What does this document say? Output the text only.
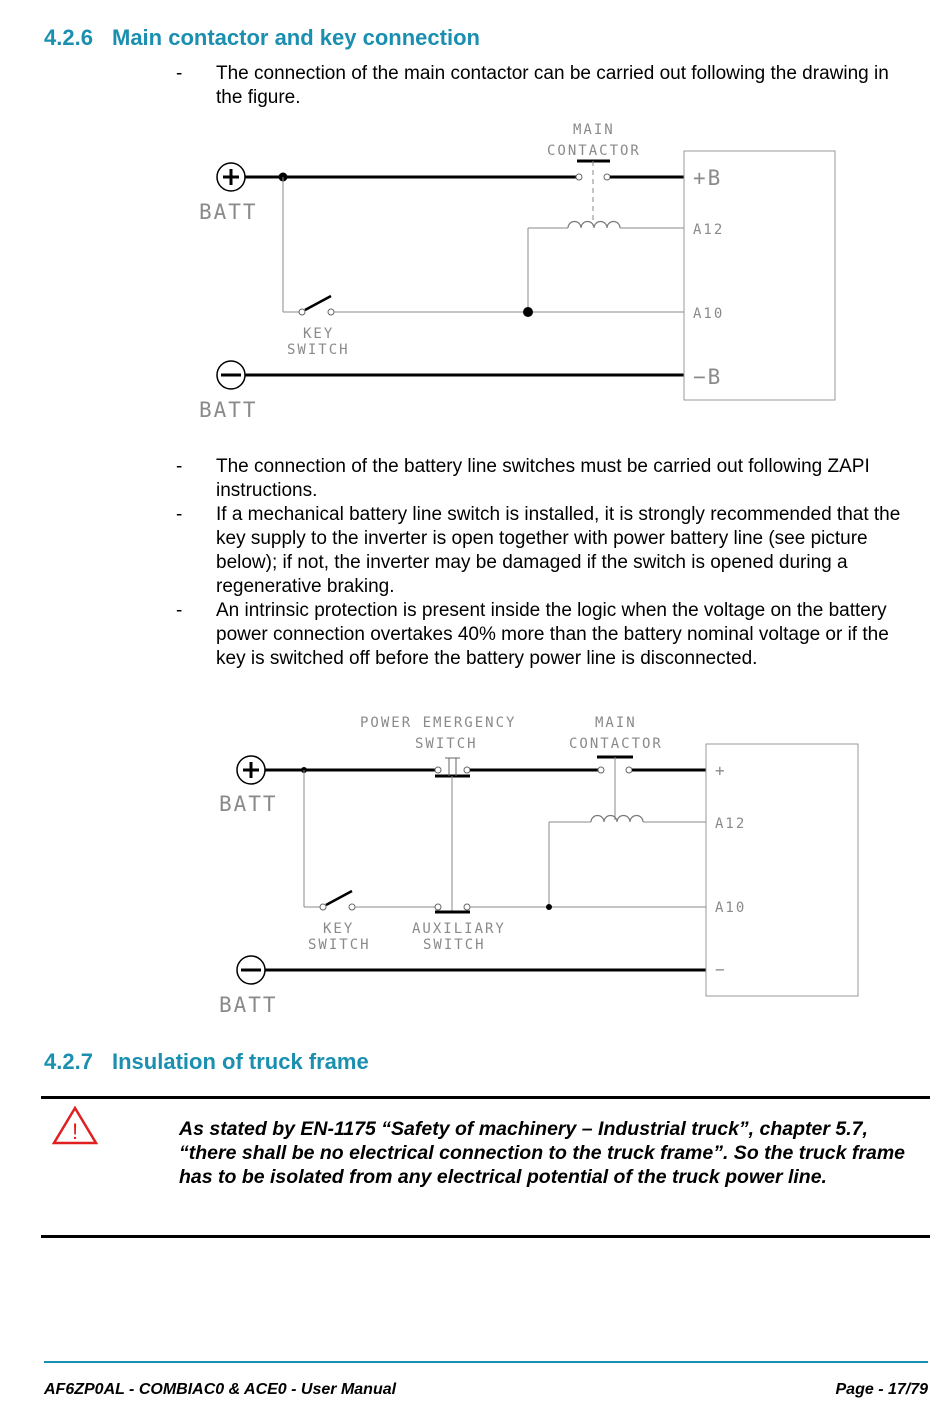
4.2.6 Main contactor and key connection
- The connection of the main contactor can be carried out following the drawing in the figure.
BATT
MAIN
CONTACTOR
KEY
SWITCH
BATT
+B
A12
A10
−B
- The connection of the battery line switches must be carried out following ZAPI instructions.
- If a mechanical battery line switch is installed, it is strongly recommended that the key supply to the inverter is open together with power battery line (see picture below); if not, the inverter may be damaged if the switch is opened during a regenerative braking.
- An intrinsic protection is present inside the logic when the voltage on the battery power connection overtakes 40% more than the battery nominal voltage or if the key is switched off before the battery power line is disconnected.
BATT
POWER EMERGENCY
SWITCH
MAIN
CONTACTOR
KEY
SWITCH
AUXILIARY
SWITCH
BATT
+
A12
A10
−
4.2.7 Insulation of truck frame
!	As stated by EN-1175 “Safety of machinery – Industrial truck”, chapter 5.7, “there shall be no electrical connection to the truck frame”. So the truck frame has to be isolated from any electrical potential of the truck power line.

AF6ZP0AL - COMBIAC0 & ACE0 - User Manual	Page - 17/79
